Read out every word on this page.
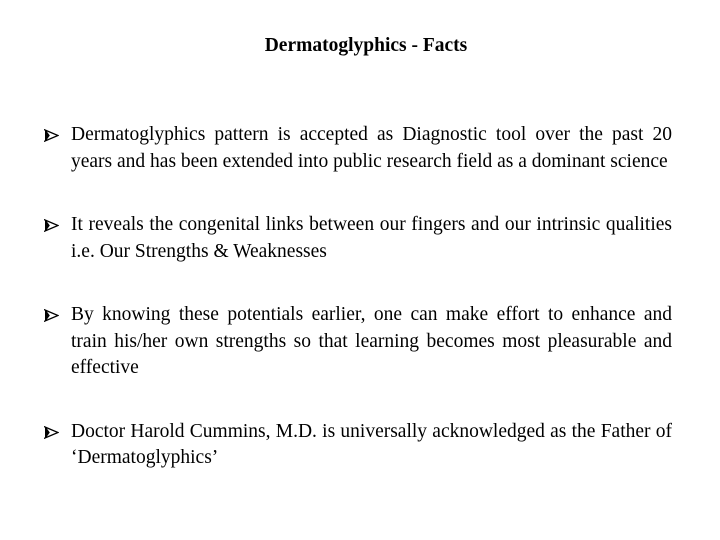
Dermatoglyphics - Facts
Dermatoglyphics pattern is accepted as Diagnostic tool over the past 20 years and has been extended into public research field as a dominant science
It reveals the congenital links between our fingers and our intrinsic qualities i.e. Our Strengths & Weaknesses
By knowing these potentials earlier, one can make effort to enhance and train his/her own strengths so that learning becomes most pleasurable and effective
Doctor Harold Cummins, M.D. is universally acknowledged as the Father of ‘Dermatoglyphics’
